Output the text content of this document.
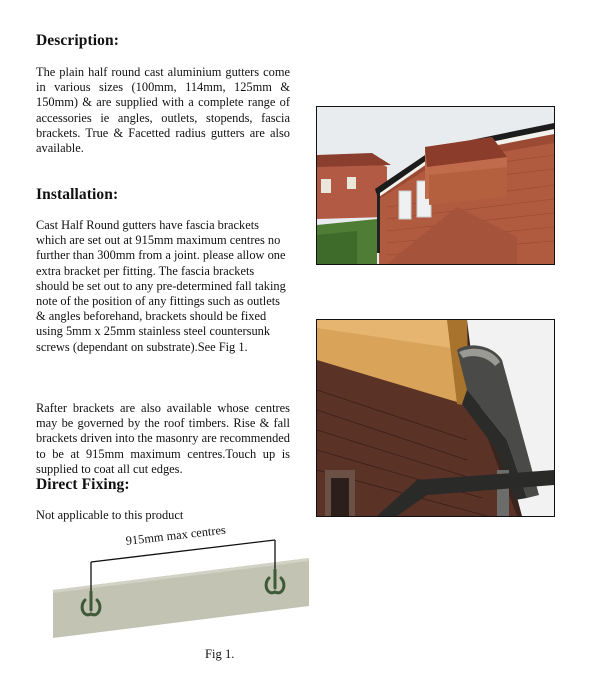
Description:

The plain half round cast aluminium gutters come in various sizes (100mm, 114mm, 125mm & 150mm) & are supplied with a complete range of accessories ie angles, outlets, stopends, fascia brackets. True & Facetted radius gutters are also available.

Installation:

Cast Half Round gutters have fascia brackets which are set out at 915mm maximum centres no further than 300mm from a joint. please allow one extra bracket per fitting. The fascia brackets should be set out to any pre-determined fall taking note of the position of any fittings such as outlets & angles beforehand, brackets should be fixed using 5mm x 25mm stainless steel countersunk screws (dependant on substrate).See Fig 1.

Rafter brackets are also available whose centres may be governed by the roof timbers. Rise & fall brackets driven into the masonry are recommended to be at 915mm maximum centres.Touch up is supplied to coat all cut edges.

Direct Fixing:

Not applicable to this product

915mm max centres
Fig 1.
